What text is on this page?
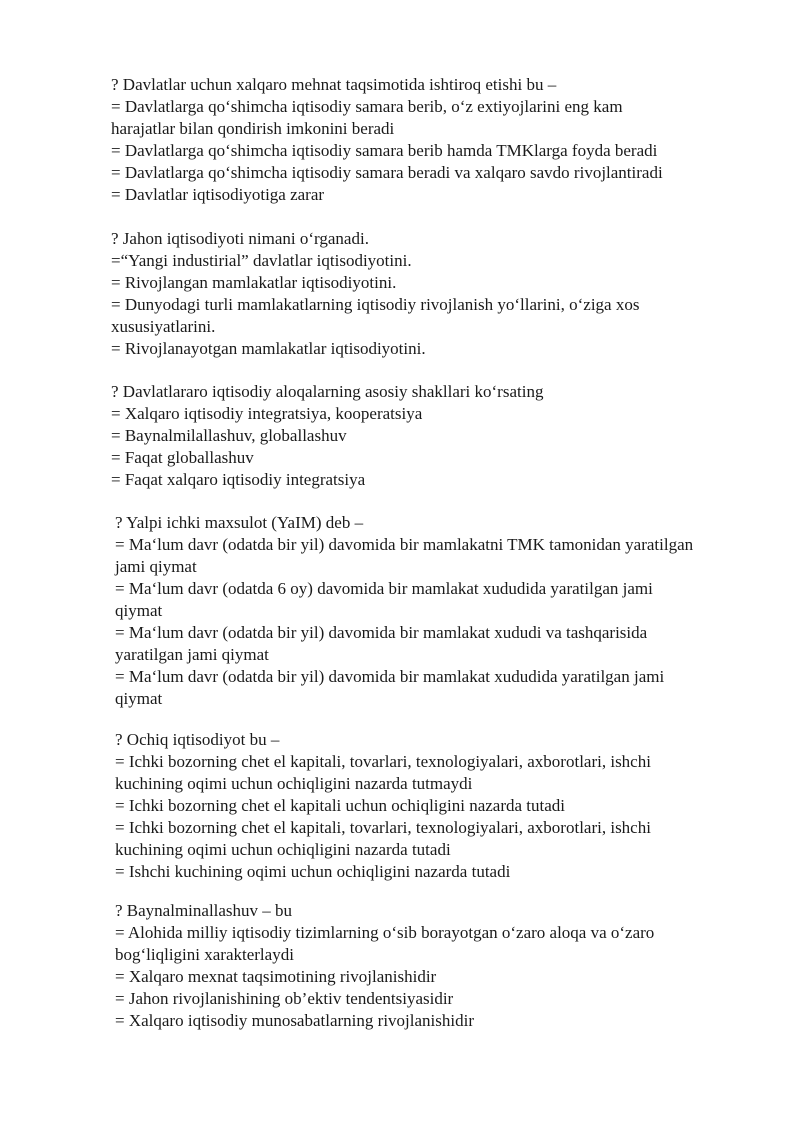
? Davlatlar uchun xalqaro mehnat taqsimotida ishtiroq etishi bu –
= Davlatlarga qo‘shimcha iqtisodiy samara berib, o‘z extiyojlarini eng kam
harajatlar bilan qondirish imkonini beradi
= Davlatlarga qo‘shimcha iqtisodiy samara berib hamda TMKlarga foyda beradi
= Davlatlarga qo‘shimcha iqtisodiy samara beradi va xalqaro savdo rivojlantiradi
= Davlatlar iqtisodiyotiga zarar
? Jahon iqtisodiyoti nimani o‘rganadi.
=“Yangi industirial” davlatlar iqtisodiyotini.
= Rivojlangan mamlakatlar iqtisodiyotini.
= Dunyodagi turli mamlakatlarning iqtisodiy rivojlanish yo‘llarini, o‘ziga xos
xususiyatlarini.
= Rivojlanayotgan mamlakatlar iqtisodiyotini.
? Davlatlararo iqtisodiy aloqalarning asosiy shakllari ko‘rsating
= Xalqaro iqtisodiy integratsiya, kooperatsiya
= Baynalmilallashuv, globallashuv
= Faqat globallashuv
= Faqat xalqaro iqtisodiy integratsiya
? Yalpi ichki maxsulot (YaIM) deb –
= Ma‘lum davr (odatda bir yil) davomida bir mamlakatni TMK tamonidan yaratilgan
jami qiymat
= Ma‘lum davr (odatda 6 oy) davomida bir mamlakat xududida yaratilgan jami
qiymat
= Ma‘lum davr (odatda bir yil) davomida bir mamlakat xududi va tashqarisida
yaratilgan jami qiymat
= Ma‘lum davr (odatda bir yil) davomida bir mamlakat xududida yaratilgan jami
qiymat
? Ochiq iqtisodiyot bu –
= Ichki bozorning chet el kapitali, tovarlari, texnologiyalari, axborotlari, ishchi
kuchining oqimi uchun ochiqligini nazarda tutmaydi
= Ichki bozorning chet el kapitali uchun ochiqligini nazarda tutadi
= Ichki bozorning chet el kapitali, tovarlari, texnologiyalari, axborotlari, ishchi
kuchining oqimi uchun ochiqligini nazarda tutadi
= Ishchi kuchining oqimi uchun ochiqligini nazarda tutadi
? Baynalminallashuv – bu
= Alohida milliy iqtisodiy tizimlarning o‘sib borayotgan o‘zaro aloqa va o‘zaro
bog‘liqligini xarakterlaydi
= Xalqaro mexnat taqsimotining rivojlanishidir
= Jahon rivojlanishining ob’ektiv tendentsiyasidir
= Xalqaro iqtisodiy munosabatlarning rivojlanishidir
